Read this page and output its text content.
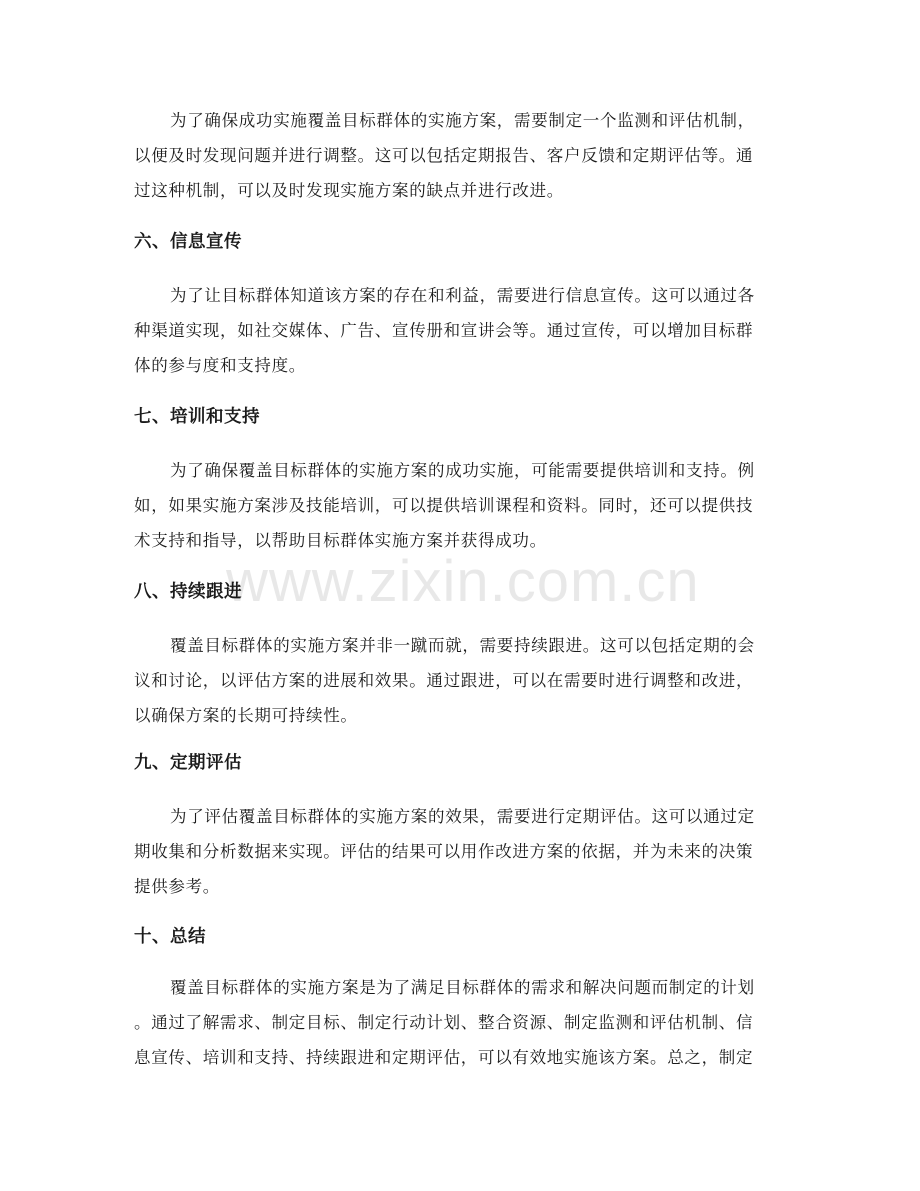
为了确保成功实施覆盖目标群体的实施方案，需要制定一个监测和评估机制，
以便及时发现问题并进行调整。这可以包括定期报告、客户反馈和定期评估等。通
过这种机制，可以及时发现实施方案的缺点并进行改进。

六、信息宣传

为了让目标群体知道该方案的存在和利益，需要进行信息宣传。这可以通过各
种渠道实现，如社交媒体、广告、宣传册和宣讲会等。通过宣传，可以增加目标群
体的参与度和支持度。

七、培训和支持

为了确保覆盖目标群体的实施方案的成功实施，可能需要提供培训和支持。例
如，如果实施方案涉及技能培训，可以提供培训课程和资料。同时，还可以提供技
术支持和指导，以帮助目标群体实施方案并获得成功。

八、持续跟进

覆盖目标群体的实施方案并非一蹴而就，需要持续跟进。这可以包括定期的会
议和讨论，以评估方案的进展和效果。通过跟进，可以在需要时进行调整和改进，
以确保方案的长期可持续性。

九、定期评估

为了评估覆盖目标群体的实施方案的效果，需要进行定期评估。这可以通过定
期收集和分析数据来实现。评估的结果可以用作改进方案的依据，并为未来的决策
提供参考。

十、总结

覆盖目标群体的实施方案是为了满足目标群体的需求和解决问题而制定的计划
。通过了解需求、制定目标、制定行动计划、整合资源、制定监测和评估机制、信
息宣传、培训和支持、持续跟进和定期评估，可以有效地实施该方案。总之，制定

www.zixin.com.cn
